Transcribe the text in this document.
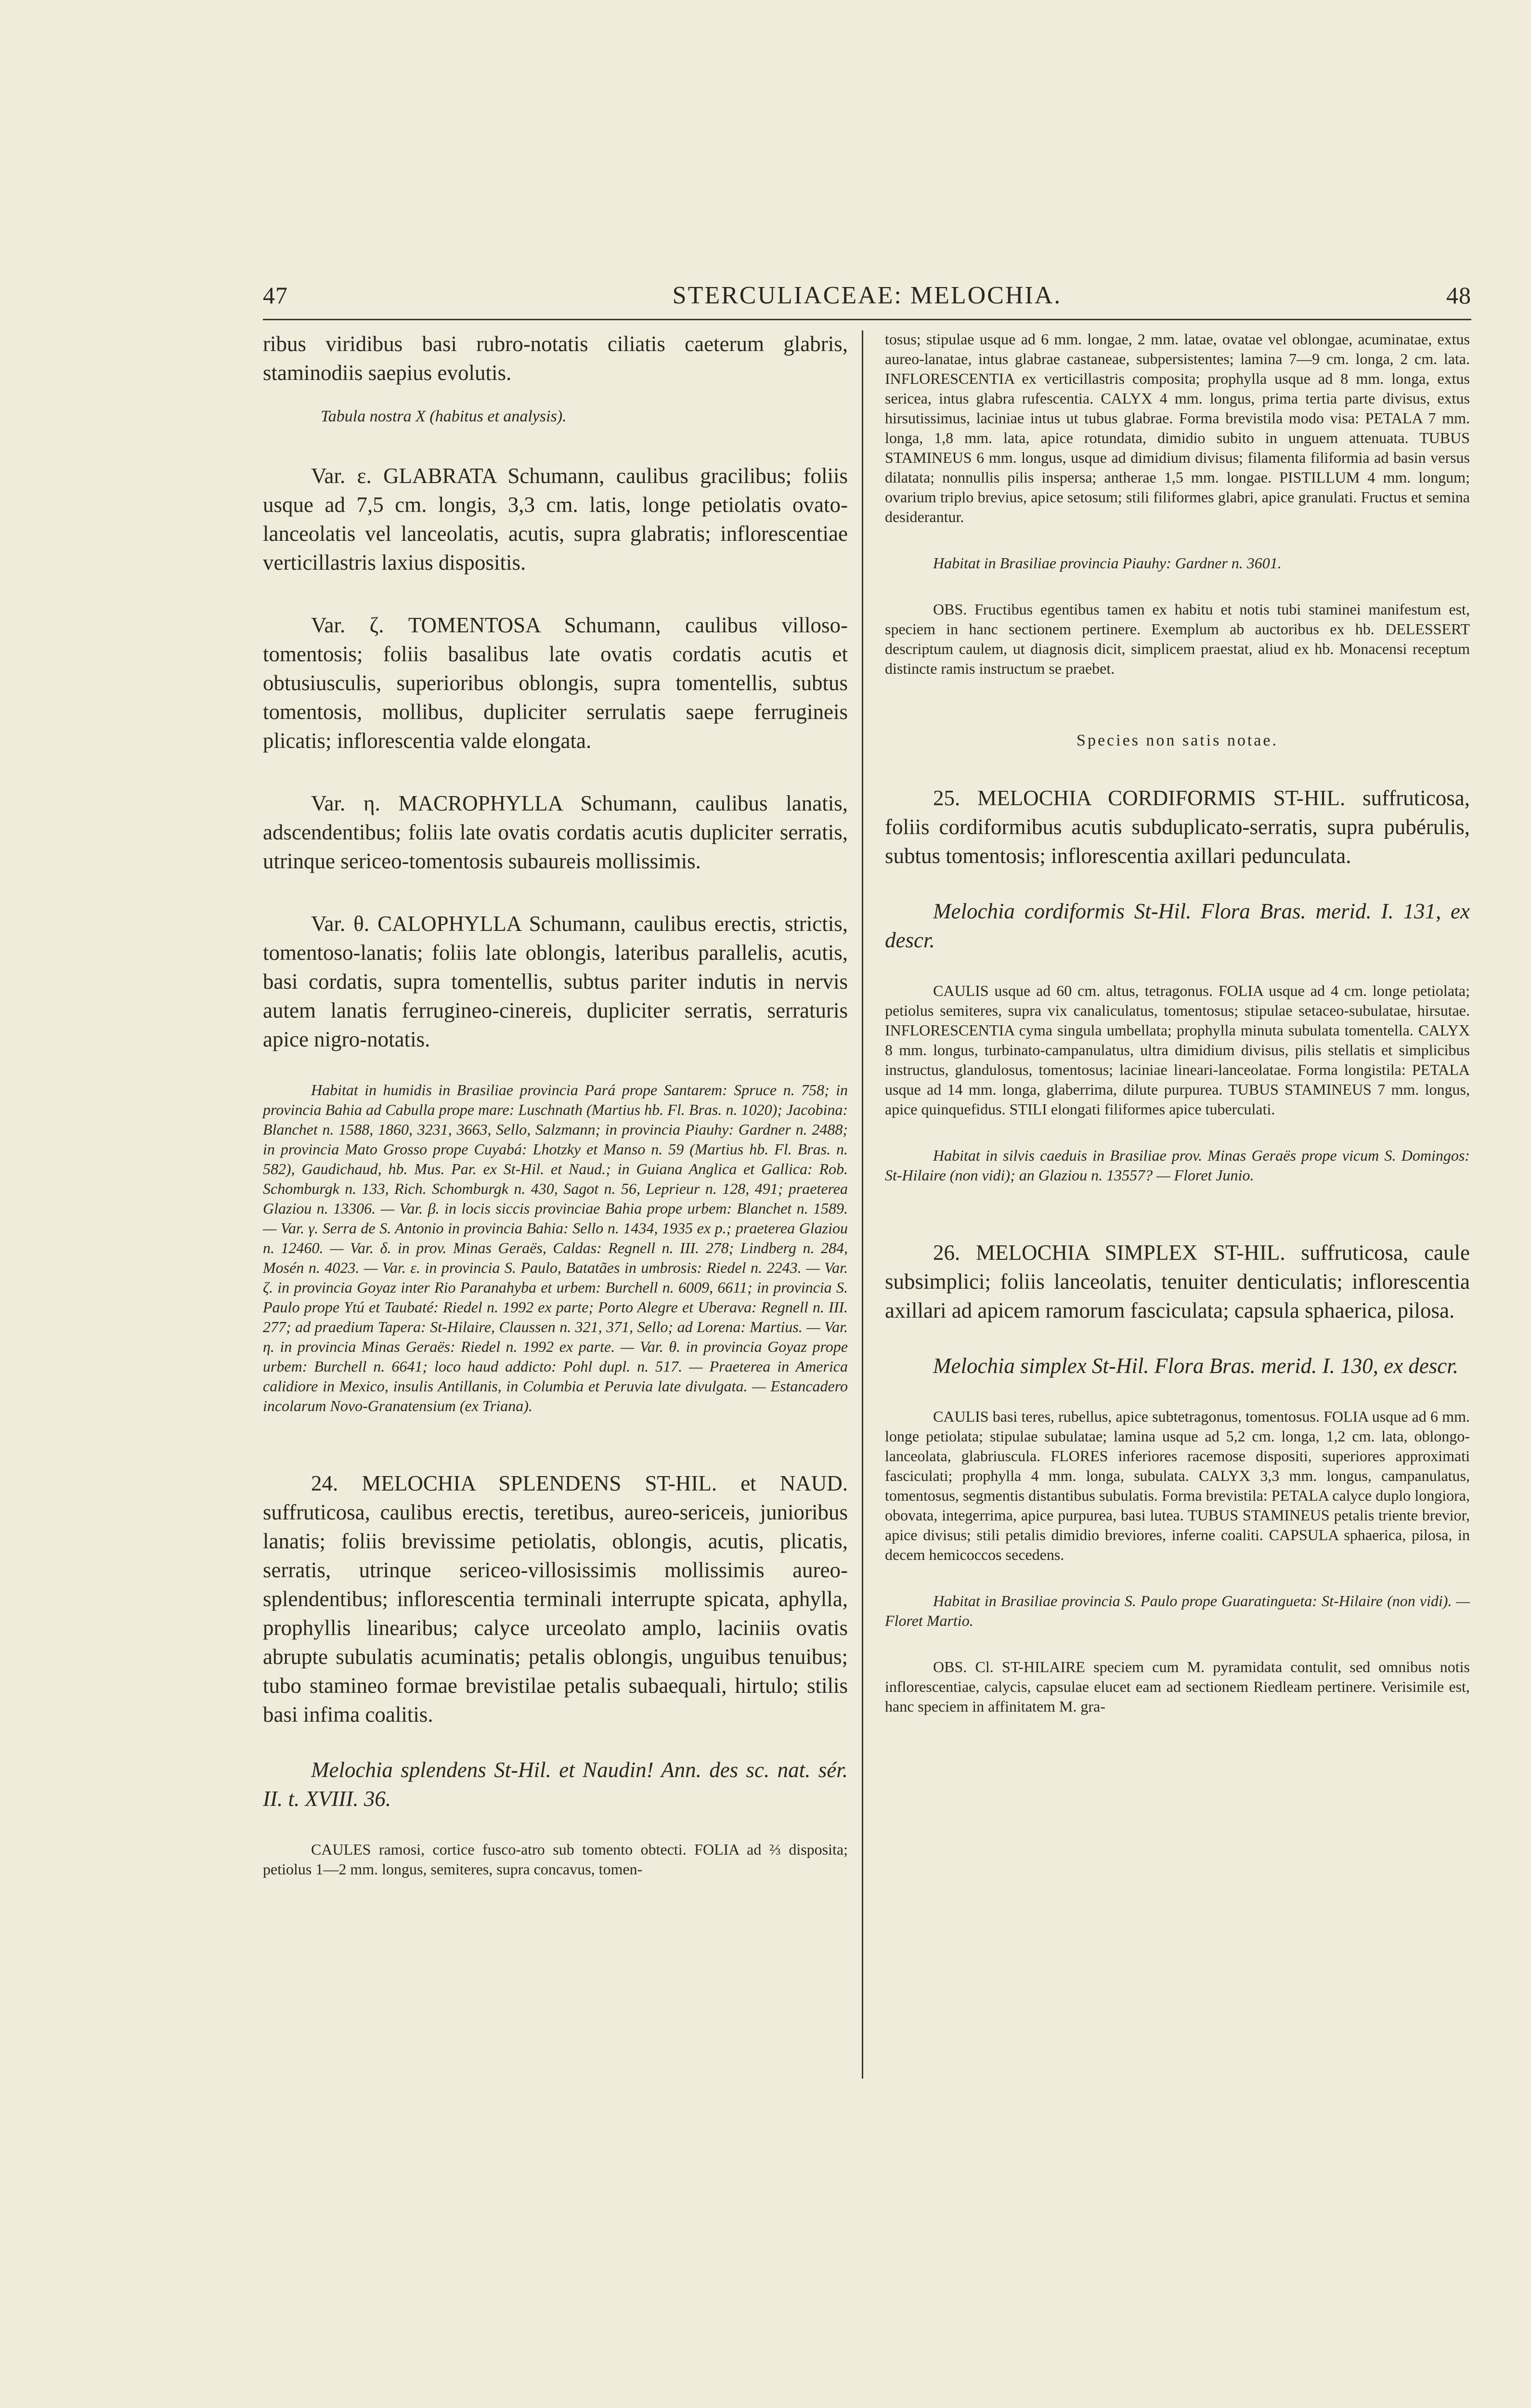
47	STERCULIACEAE: MELOCHIA.	48

ribus viridibus basi rubro-notatis ciliatis caeterum glabris, staminodiis saepius evolutis.

Tabula nostra X (habitus et analysis).

Var. ε. GLABRATA Schumann, caulibus gracilibus; foliis usque ad 7,5 cm. longis, 3,3 cm. latis, longe petiolatis ovato-lanceolatis vel lanceolatis, acutis, supra glabratis; inflorescentiae verticillastris laxius dispositis.

Var. ζ. TOMENTOSA Schumann, caulibus villoso-tomentosis; foliis basalibus late ovatis cordatis acutis et obtusiusculis, superioribus oblongis, supra tomentellis, subtus tomentosis, mollibus, dupliciter serrulatis saepe ferrugineis plicatis; inflorescentia valde elongata.

Var. η. MACROPHYLLA Schumann, caulibus lanatis, adscendentibus; foliis late ovatis cordatis acutis dupliciter serratis, utrinque sericeo-tomentosis subaureis mollissimis.

Var. θ. CALOPHYLLA Schumann, caulibus erectis, strictis, tomentoso-lanatis; foliis late oblongis, lateribus parallelis, acutis, basi cordatis, supra tomentellis, subtus pariter indutis in nervis autem lanatis ferrugineo-cinereis, dupliciter serratis, serraturis apice nigro-notatis.

Habitat in humidis in Brasiliae provincia Pará prope Santarem: Spruce n. 758; in provincia Bahia ad Cabulla prope mare: Luschnath (Martius hb. Fl. Bras. n. 1020); Jacobina: Blanchet n. 1588, 1860, 3231, 3663, Sello, Salzmann; in provincia Piauhy: Gardner n. 2488; in provincia Mato Grosso prope Cuyabá: Lhotzky et Manso n. 59 (Martius hb. Fl. Bras. n. 582), Gaudichaud, hb. Mus. Par. ex St-Hil. et Naud.; in Guiana Anglica et Gallica: Rob. Schomburgk n. 133, Rich. Schomburgk n. 430, Sagot n. 56, Leprieur n. 128, 491; praeterea Glaziou n. 13306. — Var. β. in locis siccis provinciae Bahia prope urbem: Blanchet n. 1589. — Var. γ. Serra de S. Antonio in provincia Bahia: Sello n. 1434, 1935 ex p.; praeterea Glaziou n. 12460. — Var. δ. in prov. Minas Geraës, Caldas: Regnell n. III. 278; Lindberg n. 284, Mosén n. 4023. — Var. ε. in provincia S. Paulo, Batatães in umbrosis: Riedel n. 2243. — Var. ζ. in provincia Goyaz inter Rio Paranahyba et urbem: Burchell n. 6009, 6611; in provincia S. Paulo prope Ytú et Taubaté: Riedel n. 1992 ex parte; Porto Alegre et Uberava: Regnell n. III. 277; ad praedium Tapera: St-Hilaire, Claussen n. 321, 371, Sello; ad Lorena: Martius. — Var. η. in provincia Minas Geraës: Riedel n. 1992 ex parte. — Var. θ. in provincia Goyaz prope urbem: Burchell n. 6641; loco haud addicto: Pohl dupl. n. 517. — Praeterea in America calidiore in Mexico, insulis Antillanis, in Columbia et Peruvia late divulgata. — Estancadero incolarum Novo-Granatensium (ex Triana).

24. MELOCHIA SPLENDENS ST-HIL. et NAUD. suffruticosa, caulibus erectis, teretibus, aureo-sericeis, junioribus lanatis; foliis brevissime petiolatis, oblongis, acutis, plicatis, serratis, utrinque sericeo-villosissimis mollissimis aureo-splendentibus; inflorescentia terminali interrupte spicata, aphylla, prophyllis linearibus; calyce urceolato amplo, laciniis ovatis abrupte subulatis acuminatis; petalis oblongis, unguibus tenuibus; tubo stamineo formae brevistilae petalis subaequali, hirtulo; stilis basi infima coalitis.

Melochia splendens St-Hil. et Naudin! Ann. des sc. nat. sér. II. t. XVIII. 36.

CAULES ramosi, cortice fusco-atro sub tomento obtecti. FOLIA ad ⅔ disposita; petiolus 1—2 mm. longus, semiteres, supra concavus, tomen-

tosus; stipulae usque ad 6 mm. longae, 2 mm. latae, ovatae vel oblongae, acuminatae, extus aureo-lanatae, intus glabrae castaneae, subpersistentes; lamina 7—9 cm. longa, 2 cm. lata. INFLORESCENTIA ex verticillastris composita; prophylla usque ad 8 mm. longa, extus sericea, intus glabra rufescentia. CALYX 4 mm. longus, prima tertia parte divisus, extus hirsutissimus, laciniae intus ut tubus glabrae. Forma brevistila modo visa: PETALA 7 mm. longa, 1,8 mm. lata, apice rotundata, dimidio subito in unguem attenuata. TUBUS STAMINEUS 6 mm. longus, usque ad dimidium divisus; filamenta filiformia ad basin versus dilatata; nonnullis pilis inspersa; antherae 1,5 mm. longae. PISTILLUM 4 mm. longum; ovarium triplo brevius, apice setosum; stili filiformes glabri, apice granulati. Fructus et semina desiderantur.

Habitat in Brasiliae provincia Piauhy: Gardner n. 3601.

OBS. Fructibus egentibus tamen ex habitu et notis tubi staminei manifestum est, speciem in hanc sectionem pertinere. Exemplum ab auctoribus ex hb. DELESSERT descriptum caulem, ut diagnosis dicit, simplicem praestat, aliud ex hb. Monacensi receptum distincte ramis instructum se praebet.

Species non satis notae.

25. MELOCHIA CORDIFORMIS ST-HIL. suffruticosa, foliis cordiformibus acutis subduplicato-serratis, supra pubérulis, subtus tomentosis; inflorescentia axillari pedunculata.

Melochia cordiformis St-Hil. Flora Bras. merid. I. 131, ex descr.

CAULIS usque ad 60 cm. altus, tetragonus. FOLIA usque ad 4 cm. longe petiolata; petiolus semiteres, supra vix canaliculatus, tomentosus; stipulae setaceo-subulatae, hirsutae. INFLORESCENTIA cyma singula umbellata; prophylla minuta subulata tomentella. CALYX 8 mm. longus, turbinato-campanulatus, ultra dimidium divisus, pilis stellatis et simplicibus instructus, glandulosus, tomentosus; laciniae lineari-lanceolatae. Forma longistila: PETALA usque ad 14 mm. longa, glaberrima, dilute purpurea. TUBUS STAMINEUS 7 mm. longus, apice quinquefidus. STILI elongati filiformes apice tuberculati.

Habitat in silvis caeduis in Brasiliae prov. Minas Geraës prope vicum S. Domingos: St-Hilaire (non vidi); an Glaziou n. 13557? — Floret Junio.

26. MELOCHIA SIMPLEX ST-HIL. suffruticosa, caule subsimplici; foliis lanceolatis, tenuiter denticulatis; inflorescentia axillari ad apicem ramorum fasciculata; capsula sphaerica, pilosa.

Melochia simplex St-Hil. Flora Bras. merid. I. 130, ex descr.

CAULIS basi teres, rubellus, apice subtetragonus, tomentosus. FOLIA usque ad 6 mm. longe petiolata; stipulae subulatae; lamina usque ad 5,2 cm. longa, 1,2 cm. lata, oblongo-lanceolata, glabriuscula. FLORES inferiores racemose dispositi, superiores approximati fasciculati; prophylla 4 mm. longa, subulata. CALYX 3,3 mm. longus, campanulatus, tomentosus, segmentis distantibus subulatis. Forma brevistila: PETALA calyce duplo longiora, obovata, integerrima, apice purpurea, basi lutea. TUBUS STAMINEUS petalis triente brevior, apice divisus; stili petalis dimidio breviores, inferne coaliti. CAPSULA sphaerica, pilosa, in decem hemicoccos secedens.

Habitat in Brasiliae provincia S. Paulo prope Guaratingueta: St-Hilaire (non vidi). — Floret Martio.

OBS. Cl. ST-HILAIRE speciem cum M. pyramidata contulit, sed omnibus notis inflorescentiae, calycis, capsulae elucet eam ad sectionem Riedleam pertinere. Verisimile est, hanc speciem in affinitatem M. gra-
